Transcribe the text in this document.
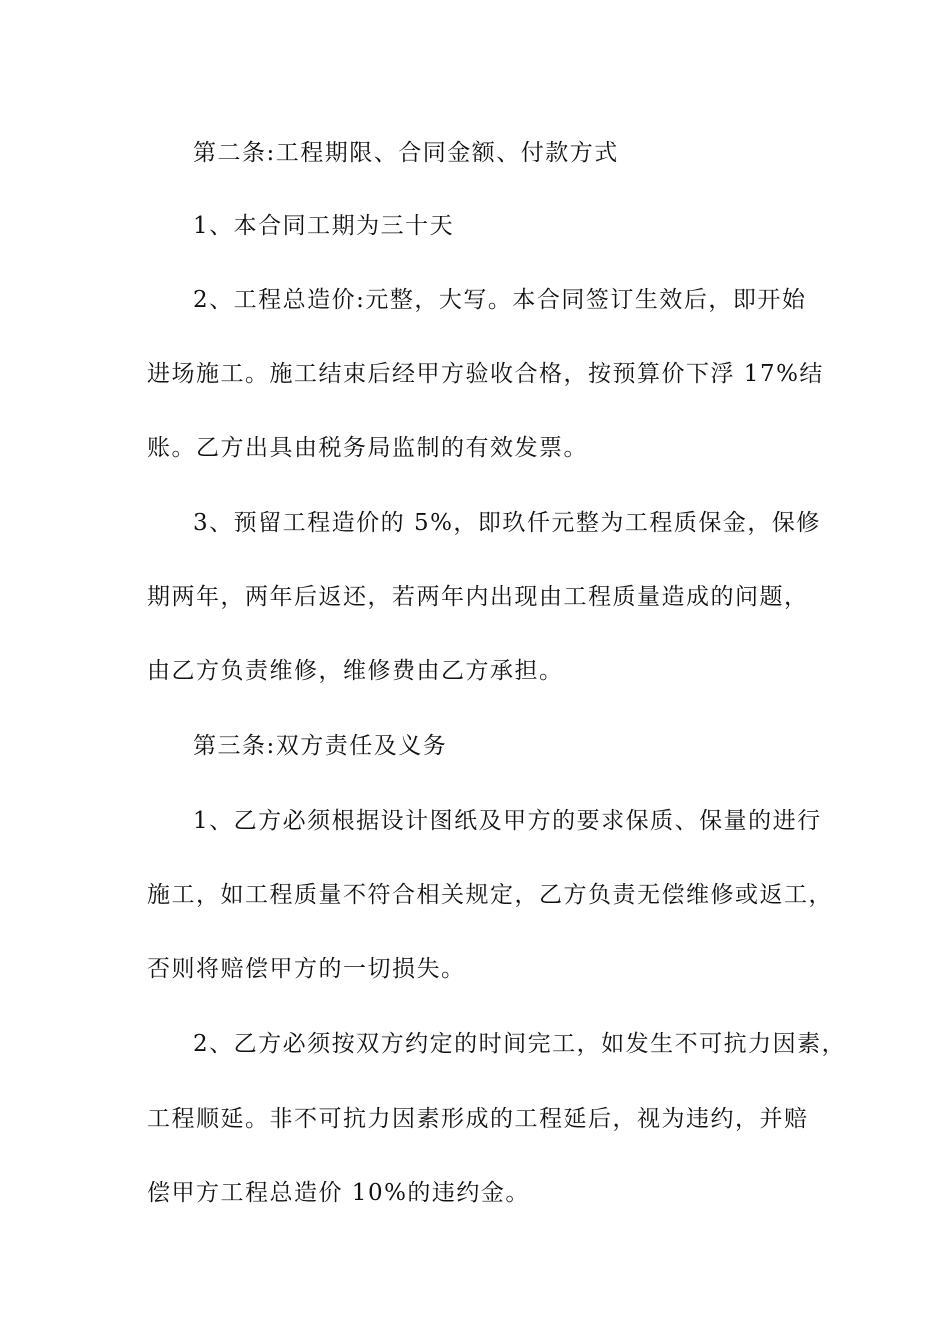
第二条:工程期限、合同金额、付款方式
1、本合同工期为三十天
2、工程总造价:元整，大写。本合同签订生效后，即开始
进场施工。施工结束后经甲方验收合格，按预算价下浮 17%结
账。乙方出具由税务局监制的有效发票。
3、预留工程造价的 5%，即玖仟元整为工程质保金，保修
期两年，两年后返还，若两年内出现由工程质量造成的问题，
由乙方负责维修，维修费由乙方承担。
第三条:双方责任及义务
1、乙方必须根据设计图纸及甲方的要求保质、保量的进行
施工，如工程质量不符合相关规定，乙方负责无偿维修或返工，
否则将赔偿甲方的一切损失。
2、乙方必须按双方约定的时间完工，如发生不可抗力因素，
工程顺延。非不可抗力因素形成的工程延后，视为违约，并赔
偿甲方工程总造价 10%的违约金。
